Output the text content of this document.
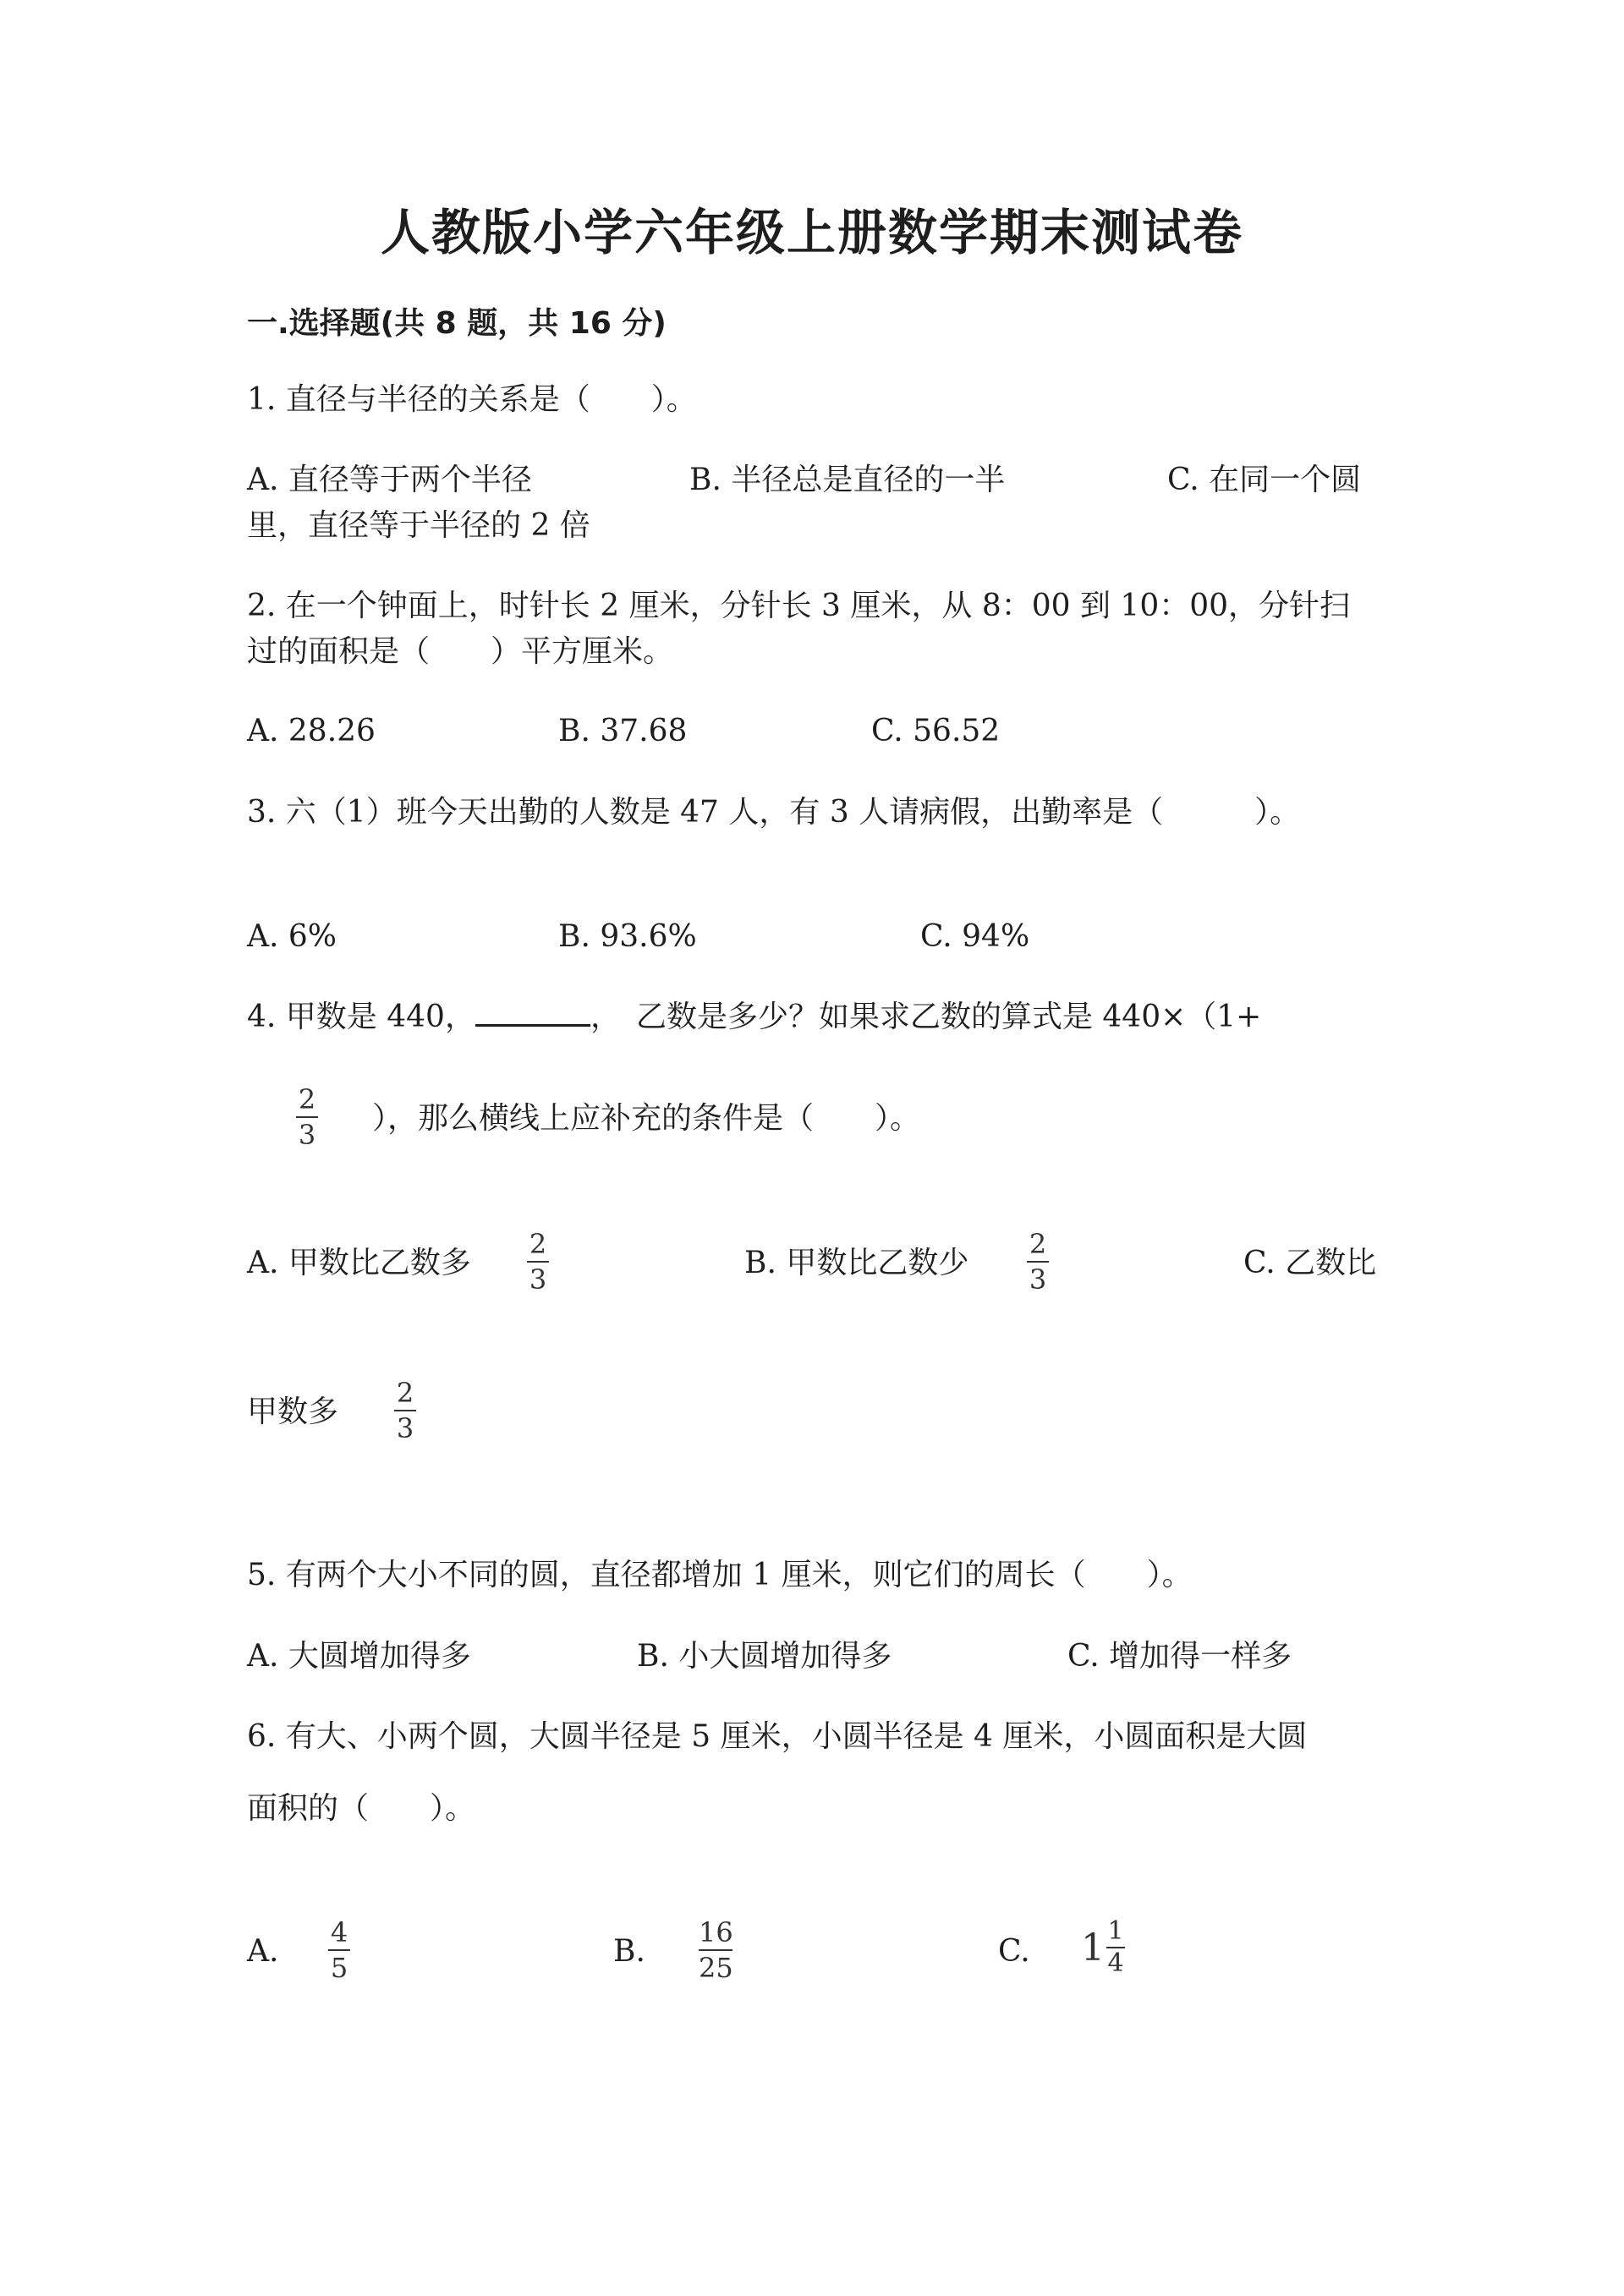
人教版小学六年级上册数学期末测试卷
一.选择题(共 8 题，共 16 分)
1. 直径与半径的关系是（　　）。
A. 直径等于两个半径	B. 半径总是直径的一半	C. 在同一个圆
里，直径等于半径的 2 倍
2. 在一个钟面上，时针长 2 厘米，分针长 3 厘米，从 8：00 到 10：00，分针扫
过的面积是（　　）平方厘米。
A. 28.26	B. 37.68	C. 56.52
3. 六（1）班今天出勤的人数是 47 人，有 3 人请病假，出勤率是（　　　）。
A. 6%	B. 93.6%	C. 94%
4. 甲数是 440，	，　乙数是多少？如果求乙数的算式是 440×（1+
2
3 ），那么横线上应补充的条件是（　　）。
A. 甲数比乙数多
2
3	B. 甲数比乙数少
2
3	C. 乙数比
甲数多
2
3
5. 有两个大小不同的圆，直径都增加 1 厘米，则它们的周长（　　）。
A. 大圆增加得多	B. 小大圆增加得多	C. 增加得一样多
6. 有大、小两个圆，大圆半径是 5 厘米，小圆半径是 4 厘米，小圆面积是大圆
面积的（　　）。
A.
4
5	B.
16
25	C. $1 \frac{1}{4}$
